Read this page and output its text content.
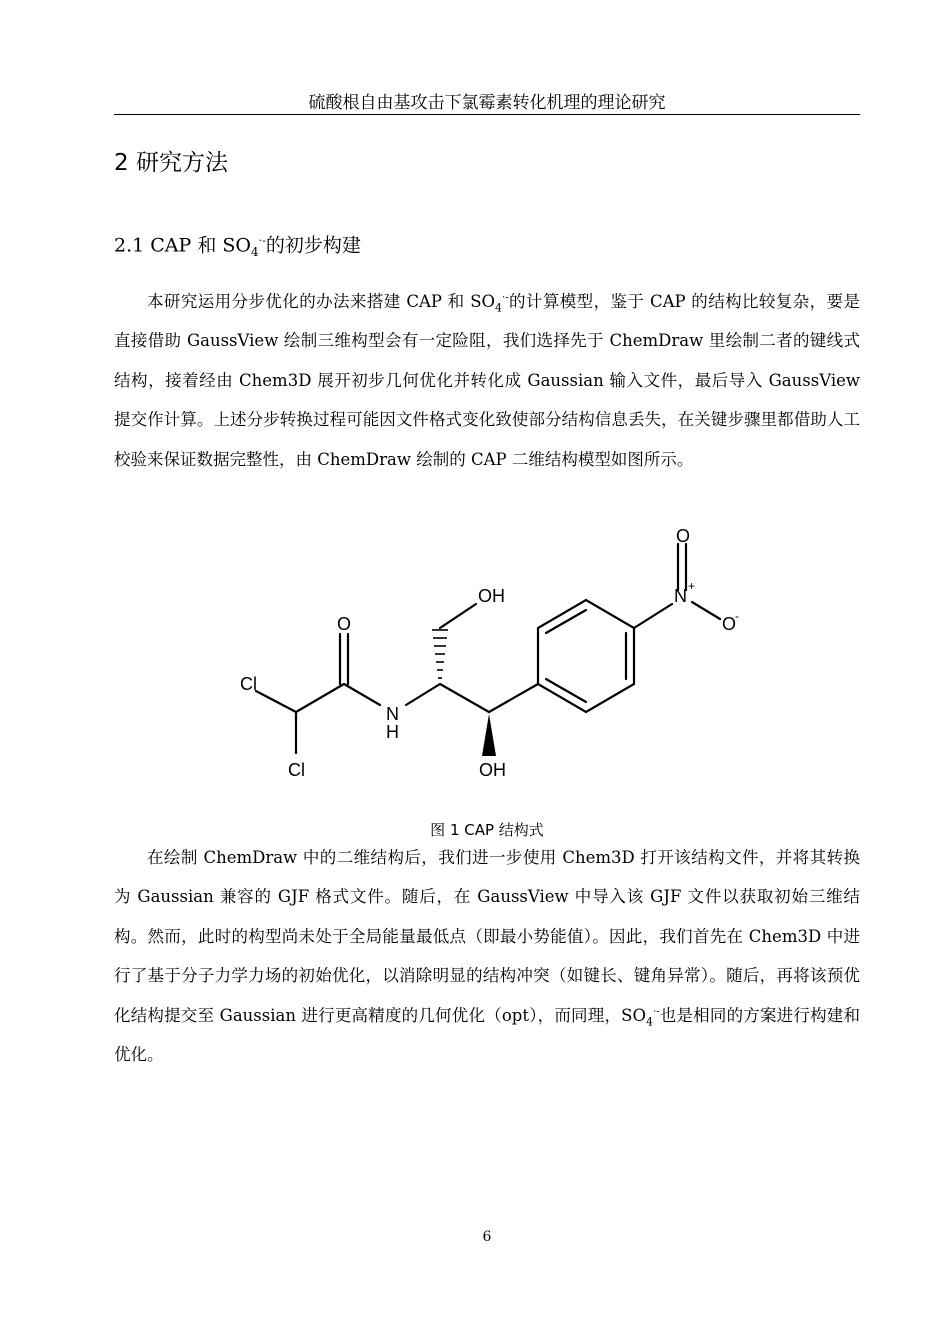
硫酸根自由基攻击下氯霉素转化机理的理论研究
2 研究方法
2.1 CAP 和 $SO_4^{\cdot-}$的初步构建

本研究运用分步优化的办法来搭建 CAP 和 $SO_4^{\cdot-}$的计算模型，鉴于 CAP 的结构比较复杂，要是直接借助 GaussView 绘制三维构型会有一定险阻，我们选择先于 ChemDraw 里绘制二者的键线式结构，接着经由 Chem3D 展开初步几何优化并转化成 Gaussian 输入文件，最后导入 GaussView 提交作计算。上述分步转换过程可能因文件格式变化致使部分结构信息丢失，在关键步骤里都借助人工校验来保证数据完整性，由 ChemDraw 绘制的 CAP 二维结构模型如图所示。

Cl
Cl
O
N
H
OH
OH
O
N +
O
-
图 1 CAP 结构式

在绘制 ChemDraw 中的二维结构后，我们进一步使用 Chem3D 打开该结构文件，并将其转换为 Gaussian 兼容的 GJF 格式文件。随后，在 GaussView 中导入该 GJF 文件以获取初始三维结构。然而，此时的构型尚未处于全局能量最低点（即最小势能值）。因此，我们首先在 Chem3D 中进行了基于分子力学力场的初始优化，以消除明显的结构冲突（如键长、键角异常）。随后，再将该预优化结构提交至 Gaussian 进行更高精度的几何优化（opt），而同理，$SO_4^{\cdot-}$也是相同的方案进行构建和优化。

6
